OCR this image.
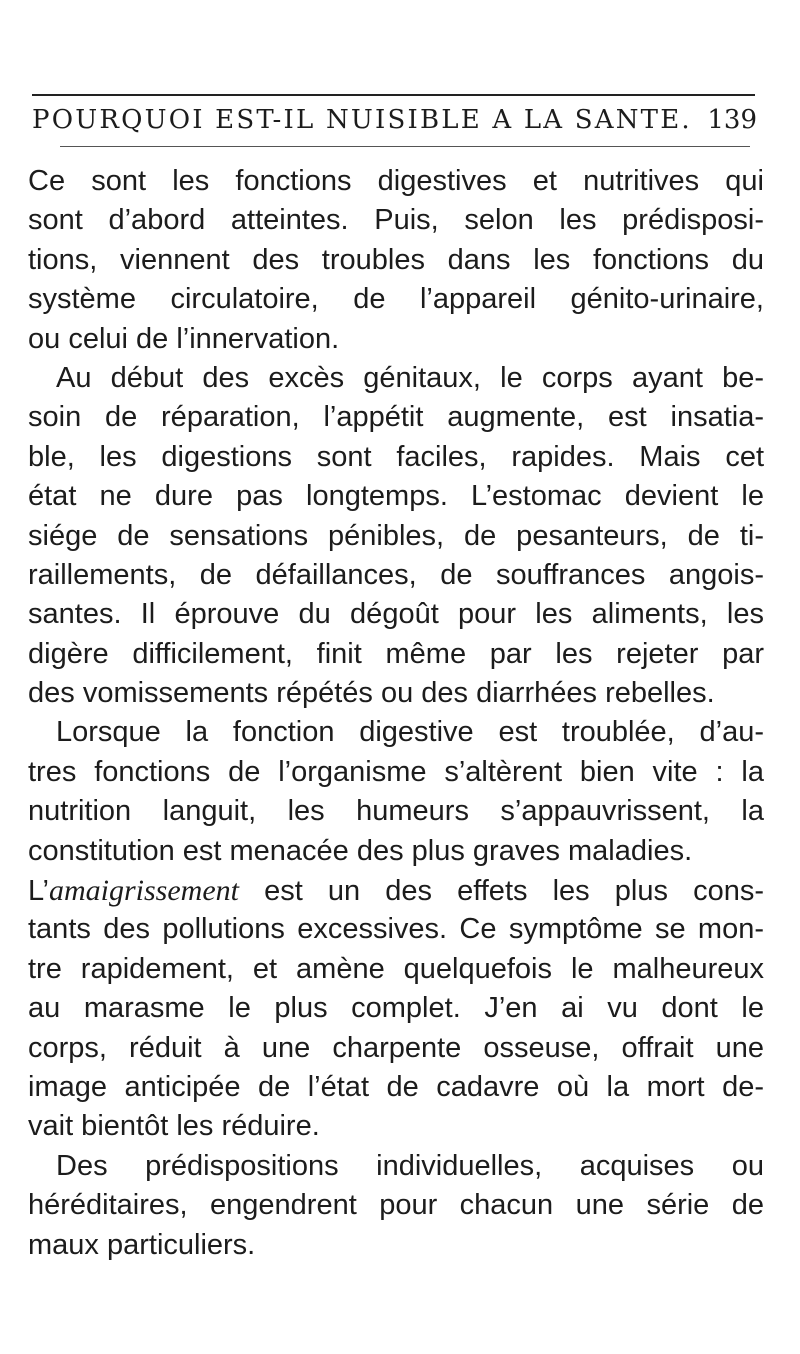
POURQUOI EST-IL NUISIBLE A LA SANTE. 139
Ce sont les fonctions digestives et nutritives qui
sont d’abord atteintes. Puis, selon les prédisposi-
tions, viennent des troubles dans les fonctions du
système circulatoire, de l’appareil génito-urinaire,
ou celui de l’innervation.
Au début des excès génitaux, le corps ayant be-
soin de réparation, l’appétit augmente, est insatia-
ble, les digestions sont faciles, rapides. Mais cet
état ne dure pas longtemps. L’estomac devient le
siége de sensations pénibles, de pesanteurs, de ti-
raillements, de défaillances, de souffrances angois-
santes. Il éprouve du dégoût pour les aliments, les
digère difficilement, finit même par les rejeter par
des vomissements répétés ou des diarrhées rebelles.
Lorsque la fonction digestive est troublée, d’au-
tres fonctions de l’organisme s’altèrent bien vite : la
nutrition languit, les humeurs s’appauvrissent, la
constitution est menacée des plus graves maladies.
L’amaigrissement est un des effets les plus cons-
tants des pollutions excessives. Ce symptôme se mon-
tre rapidement, et amène quelquefois le malheureux
au marasme le plus complet. J’en ai vu dont le
corps, réduit à une charpente osseuse, offrait une
image anticipée de l’état de cadavre où la mort de-
vait bientôt les réduire.
Des prédispositions individuelles, acquises ou
héréditaires, engendrent pour chacun une série de
maux particuliers.
